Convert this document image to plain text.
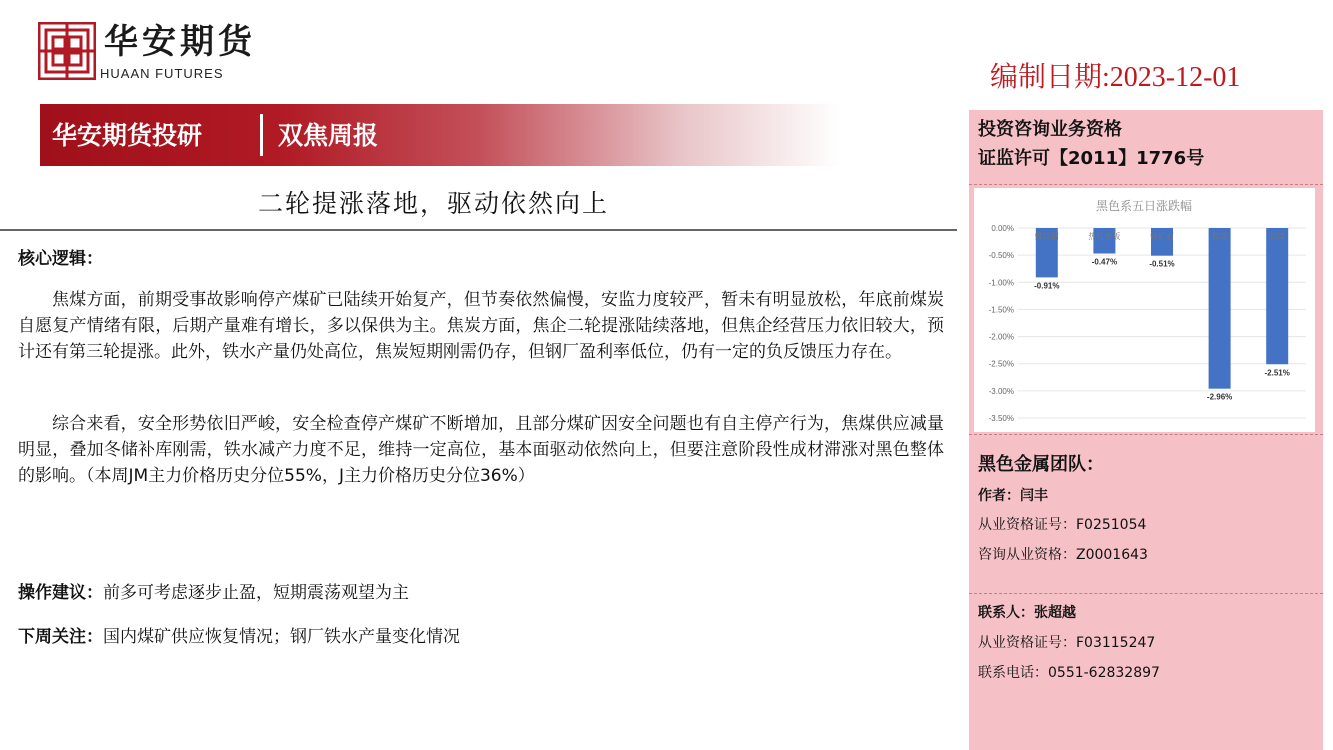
华安期货
HUAAN FUTURES	编制日期:2023-12-01
华安期货投研	双焦周报
二轮提涨落地，驱动依然向上
核心逻辑：
焦煤方面，前期受事故影响停产煤矿已陆续开始复产，但节奏依然偏慢，安监力度较严，暂未有明显放松，年底前煤炭自愿复产情绪有限，后期产量难有增长，多以保供为主。焦炭方面，焦企二轮提涨陆续落地，但焦企经营压力依旧较大，预计还有第三轮提涨。此外，铁水产量仍处高位，焦炭短期刚需仍存，但钢厂盈利率低位，仍有一定的负反馈压力存在。
综合来看，安全形势依旧严峻，安全检查停产煤矿不断增加，且部分煤矿因安全问题也有自主停产行为，焦煤供应减量明显，叠加冬储补库刚需，铁水减产力度不足，维持一定高位，基本面驱动依然向上，但要注意阶段性成材滞涨对黑色整体的影响。（本周JM主力价格历史分位55%，J主力价格历史分位36%）
操作建议：前多可考虑逐步止盈，短期震荡观望为主
下周关注：国内煤矿供应恢复情况；钢厂铁水产量变化情况
投资咨询业务资格
证监许可【2011】1776号
黑色金属团队：
作者：闫丰
从业资格证号：F0251054
咨询从业资格：Z0001643
联系人：张超越
从业资格证号：F03115247
联系电话：0551-62832897
黑色系五日涨跌幅
0.00%
-0.50%
-1.00%
-1.50%
-2.00%
-2.50%
-3.00%
-3.50%
螺纹钢
-0.91%
热轧卷板
-0.47%
铁矿石
-0.51%
焦炭
-2.96%
焦煤
-2.51%
